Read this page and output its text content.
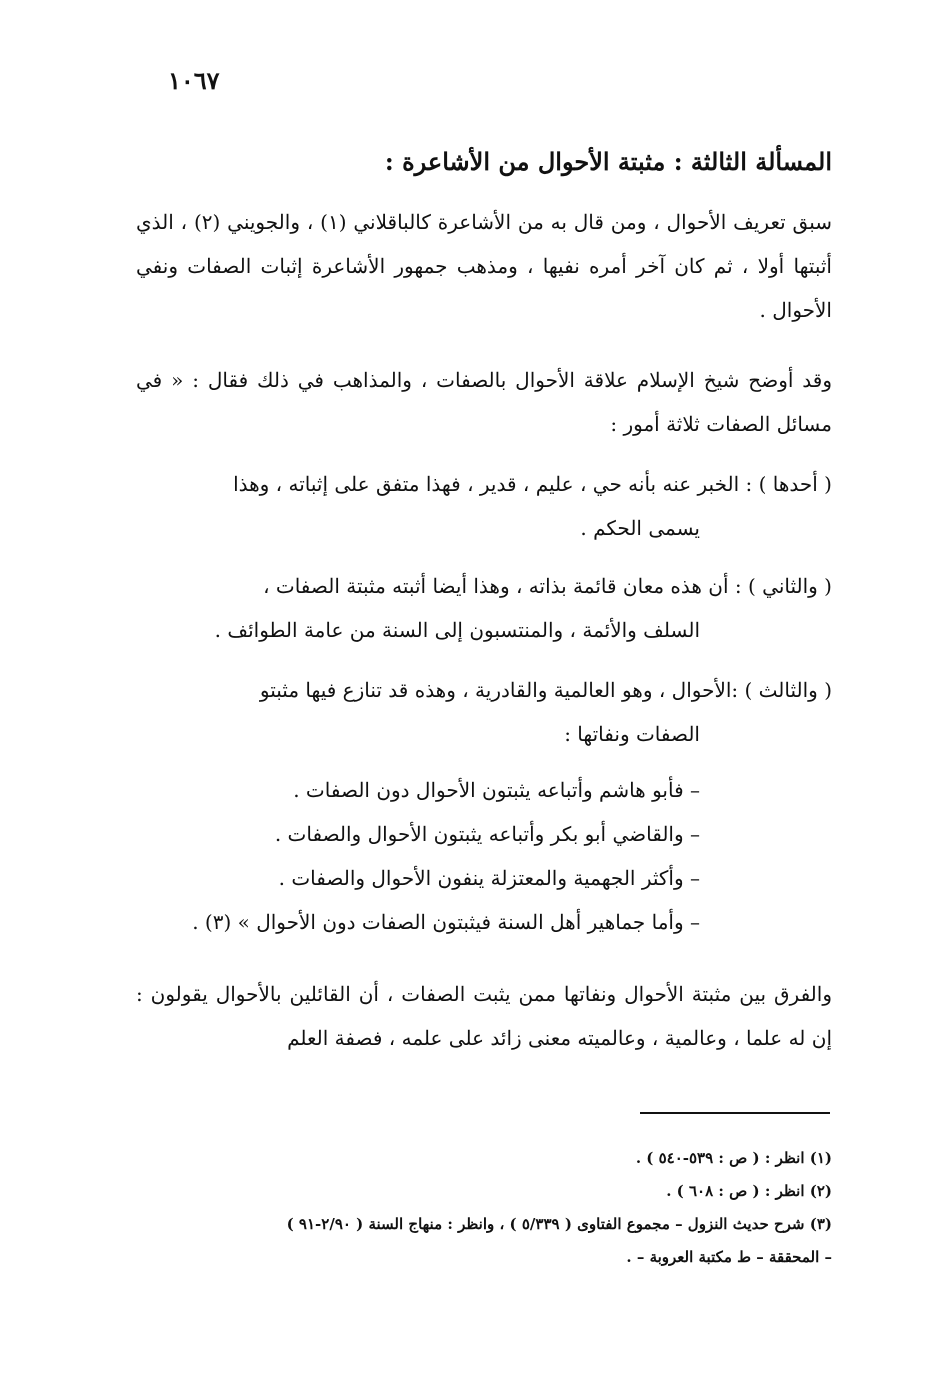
١٠٦٧
المسألة الثالثة : مثبتة الأحوال من الأشاعرة :
سبق تعريف الأحوال ، ومن قال به من الأشاعرة كالباقلاني (١) ، والجويني (٢) ، الذي أثبتها أولا ، ثم كان آخر أمره نفيها ، ومذهب جمهور الأشاعرة إثبات الصفات ونفي الأحوال .
وقد أوضح شيخ الإسلام علاقة الأحوال بالصفات ، والمذاهب في ذلك فقال : « في مسائل الصفات ثلاثة أمور :
( أحدها ) : الخبر عنه بأنه حي ، عليم ، قدير ، فهذا متفق على إثباته ، وهذا
يسمى الحكم .
( والثاني ) : أن هذه معان قائمة بذاته ، وهذا أيضا أثبته مثبتة الصفات ،
السلف والأئمة ، والمنتسبون إلى السنة من عامة الطوائف .
( والثالث ) :الأحوال ، وهو العالمية والقادرية ، وهذه قد تنازع فيها مثبتو
الصفات ونفاتها :
– فأبو هاشم وأتباعه يثبتون الأحوال دون الصفات .
– والقاضي أبو بكر وأتباعه يثبتون الأحوال والصفات .
– وأكثر الجهمية والمعتزلة ينفون الأحوال والصفات .
– وأما جماهير أهل السنة فيثبتون الصفات دون الأحوال » (٣) .
والفرق بين مثبتة الأحوال ونفاتها ممن يثبت الصفات ، أن القائلين بالأحوال يقولون : إن له علما ، وعالمية ، وعالميته معنى زائد على علمه ، فصفة العلم
(١) انظر : ( ص : ٥٣٩-٥٤٠ ) .
(٢) انظر : ( ص : ٦٠٨ ) .
(٣) شرح حديث النزول – مجموع الفتاوى ( ٥/٣٣٩ ) ، وانظر : منهاج السنة ( ٢/٩٠-٩١ )
– المحققة – ط مكتبة العروبة – .
